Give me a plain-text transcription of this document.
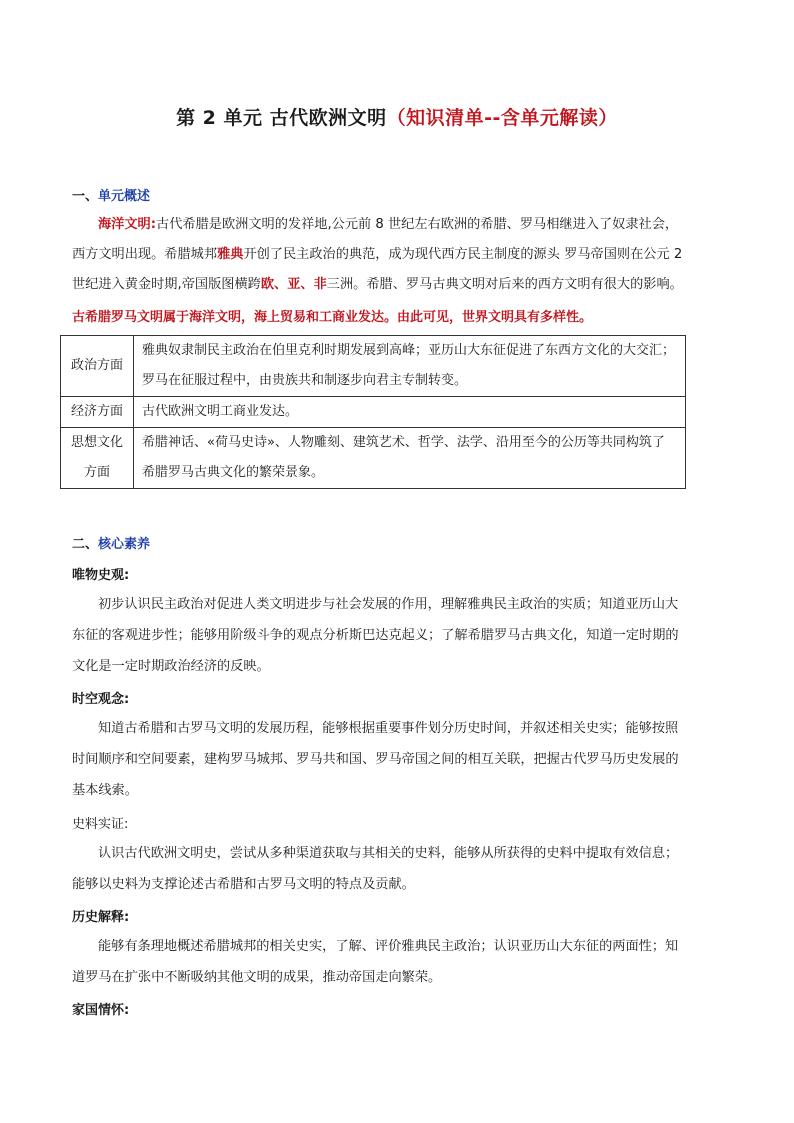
第 2 单元 古代欧洲文明（知识清单--含单元解读）
一、单元概述
海洋文明:古代希腊是欧洲文明的发祥地,公元前 8 世纪左右欧洲的希腊、罗马相继进入了奴隶社会，
西方文明出现。希腊城邦雅典开创了民主政治的典范，成为现代西方民主制度的源头 罗马帝国则在公元 2
世纪进入黄金时期,帝国版图横跨欧、亚、非三洲。希腊、罗马古典文明对后来的西方文明有很大的影响。
古希腊罗马文明属于海洋文明，海上贸易和工商业发达。由此可见，世界文明具有多样性。
政治方面	雅典奴隶制民主政治在伯里克利时期发展到高峰；亚历山大东征促进了东西方文化的大交汇；罗马在征服过程中，由贵族共和制逐步向君主专制转变。
经济方面	古代欧洲文明工商业发达。
思想文化方面	希腊神话、«荷马史诗»、人物雕刻、建筑艺术、哲学、法学、沿用至今的公历等共同构筑了希腊罗马古典文化的繁荣景象。
二、核心素养
唯物史观:

初步认识民主政治对促进人类文明进步与社会发展的作用，理解雅典民主政治的实质；知道亚历山大

东征的客观进步性；能够用阶级斗争的观点分析斯巴达克起义；了解希腊罗马古典文化，知道一定时期的

文化是一定时期政治经济的反映。

时空观念:

知道古希腊和古罗马文明的发展历程，能够根据重要事件划分历史时间，并叙述相关史实；能够按照

时间顺序和空间要素，建构罗马城邦、罗马共和国、罗马帝国之间的相互关联，把握古代罗马历史发展的

基本线索。

史料实证:

认识古代欧洲文明史，尝试从多种渠道获取与其相关的史料，能够从所获得的史料中提取有效信息；

能够以史料为支撑论述古希腊和古罗马文明的特点及贡献。

历史解释:

能够有条理地概述希腊城邦的相关史实，了解、评价雅典民主政治；认识亚历山大东征的两面性；知

道罗马在扩张中不断吸纳其他文明的成果，推动帝国走向繁荣。

家国情怀:
